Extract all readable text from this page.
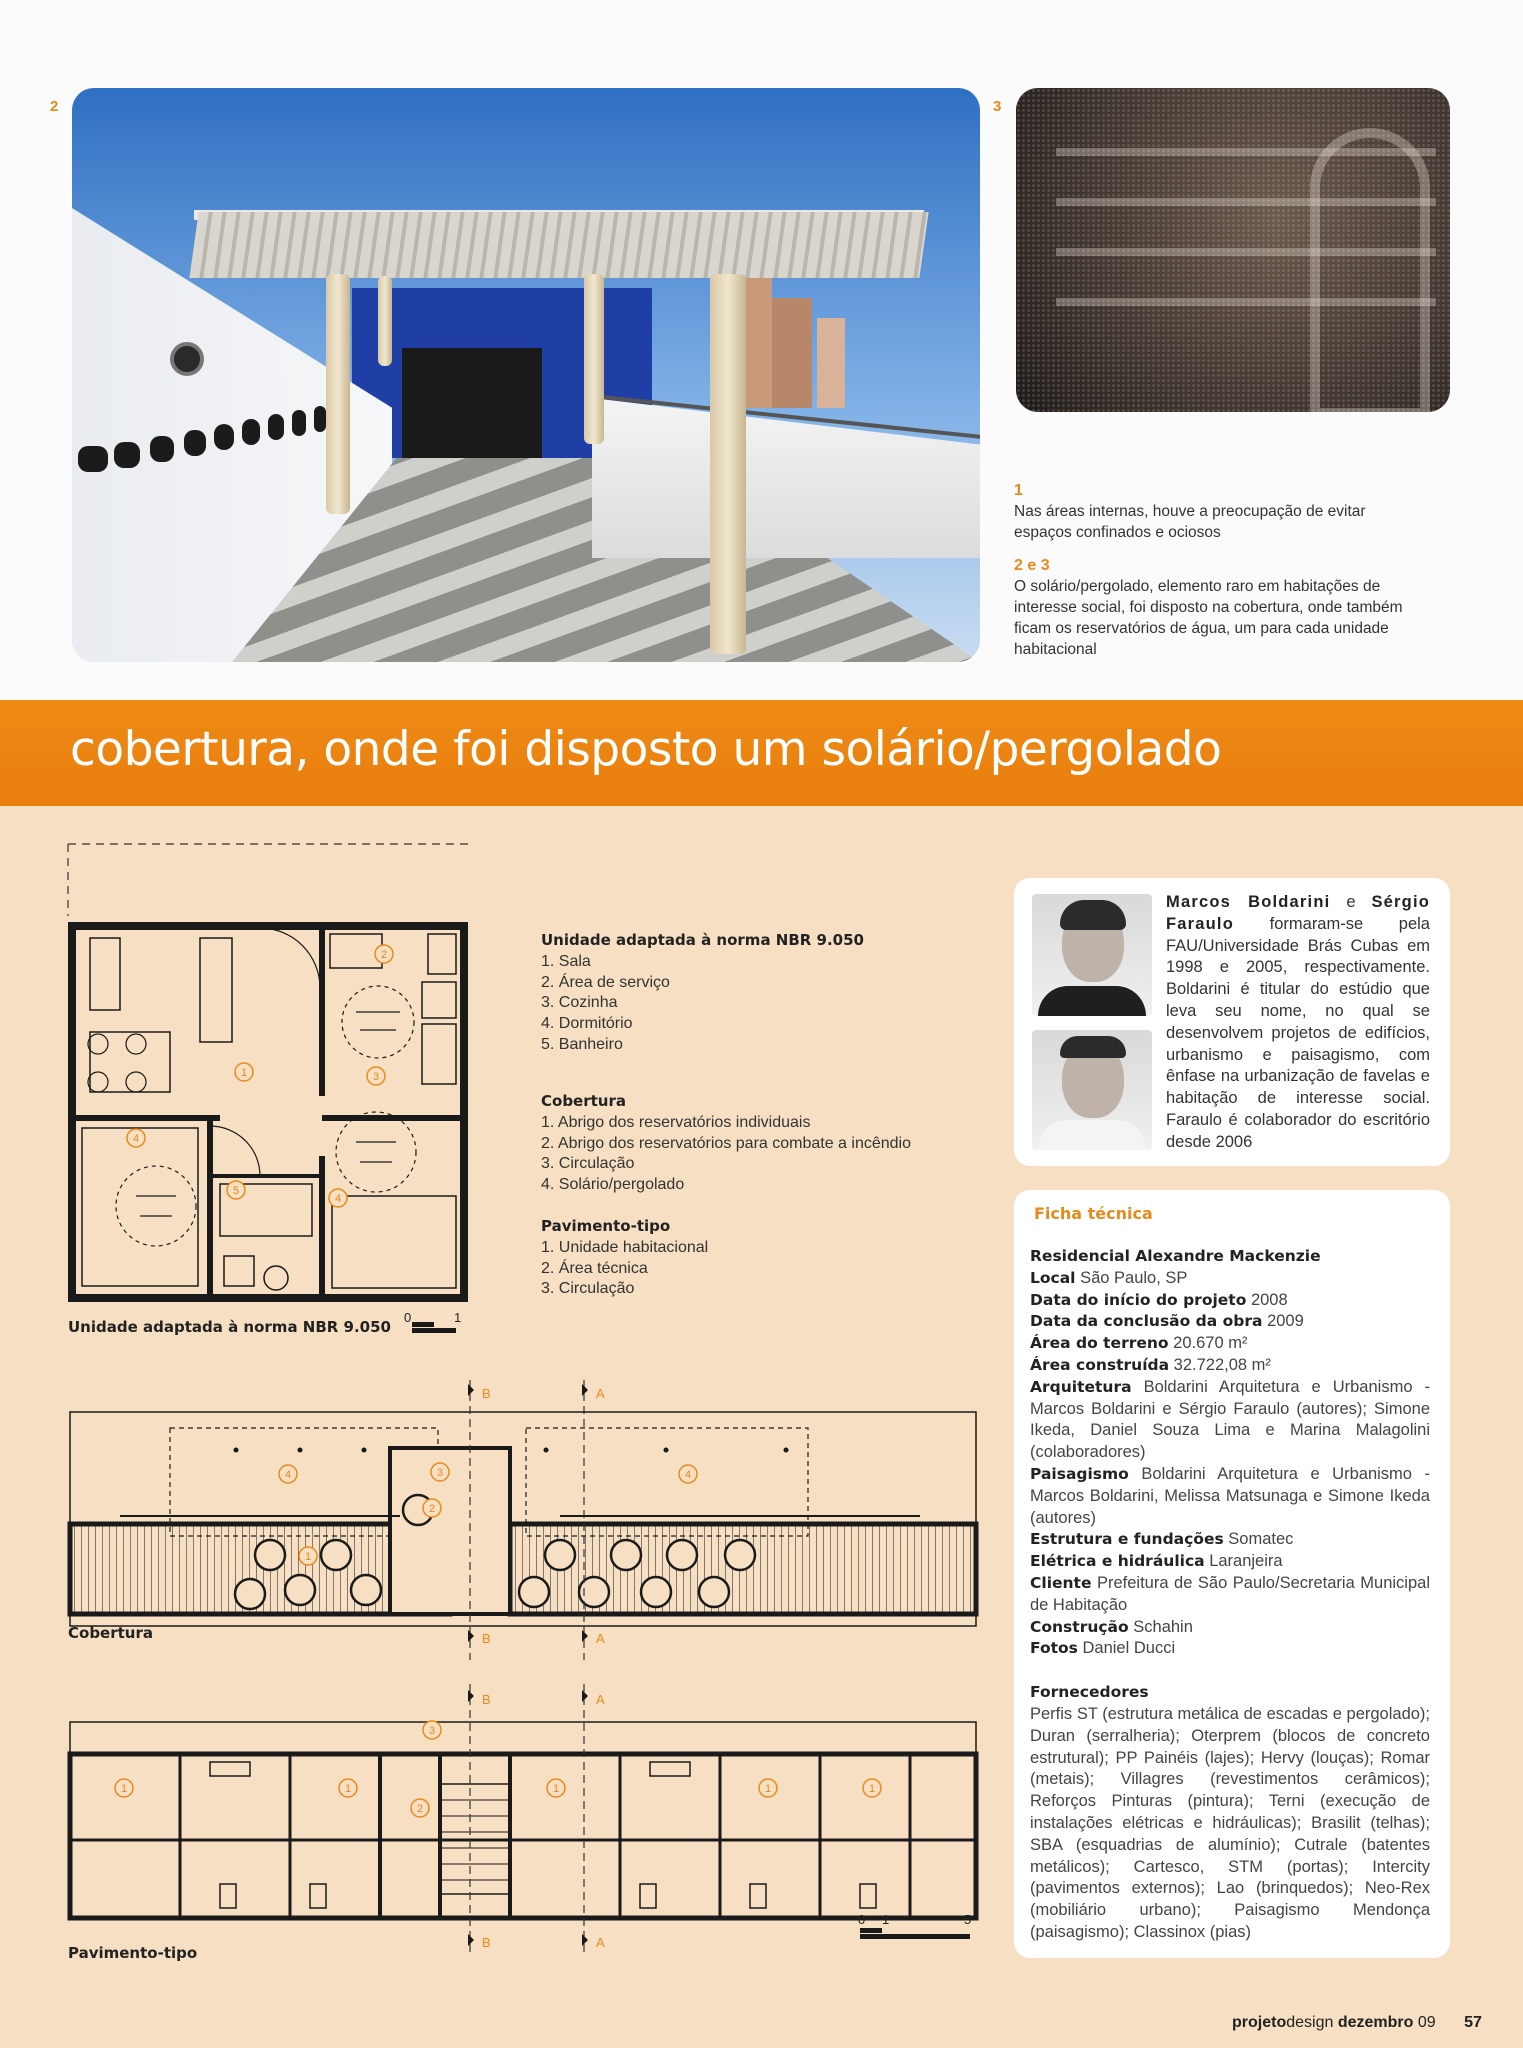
2	3
1
Nas áreas internas, houve a preocupação de evitar espaços confinados e ociosos
2 e 3
O solário/pergolado, elemento raro em habitações de interesse social, foi disposto na cobertura, onde também ficam os reservatórios de água, um para cada unidade habitacional
cobertura, onde foi disposto um solário/pergolado
1
2
3
4
5
4
0	1
Unidade adaptada à norma NBR 9.050
Unidade adaptada à norma NBR 9.050
1. Sala
2. Área de serviço
3. Cozinha
4. Dormitório
5. Banheiro
Cobertura
1. Abrigo dos reservatórios individuais
2. Abrigo dos reservatórios para combate a incêndio
3. Circulação
4. Solário/pergolado
Pavimento-tipo
1. Unidade habitacional
2. Área técnica
3. Circulação
4	4
3
2
1
B	A
B	A
Cobertura
1	1	1	1	1
2
3
B	A
B	A
0 1	5
Pavimento-tipo
Marcos Boldarini e Sérgio Faraulo formaram-se pela FAU/Universidade Brás Cubas em 1998 e 2005, respectivamente. Boldarini é titular do estúdio que leva seu nome, no qual se desenvolvem projetos de edifícios, urbanismo e paisagismo, com ênfase na urbanização de favelas e habitação de interesse social. Faraulo é colaborador do escritório desde 2006
Ficha técnica
Residencial Alexandre Mackenzie
Local São Paulo, SP
Data do início do projeto 2008
Data da conclusão da obra 2009
Área do terreno 20.670 m²
Área construída 32.722,08 m²
Arquitetura Boldarini Arquitetura e Urbanismo - Marcos Boldarini e Sérgio Faraulo (autores); Simone Ikeda, Daniel Souza Lima e Marina Malagolini (colaboradores)
Paisagismo Boldarini Arquitetura e Urbanismo - Marcos Boldarini, Melissa Matsunaga e Simone Ikeda (autores)
Estrutura e fundações Somatec
Elétrica e hidráulica Laranjeira
Cliente Prefeitura de São Paulo/Secretaria Municipal de Habitação
Construção Schahin
Fotos Daniel Ducci
Fornecedores
Perfis ST (estrutura metálica de escadas e pergolado); Duran (serralheria); Oterprem (blocos de concreto estrutural); PP Painéis (lajes); Hervy (louças); Romar (metais); Villagres (revestimentos cerâmicos); Reforços Pinturas (pintura); Terni (execução de instalações elétricas e hidráulicas); Brasilit (telhas); SBA (esquadrias de alumínio); Cutrale (batentes metálicos); Cartesco, STM (portas); Intercity (pavimentos externos); Lao (brinquedos); Neo-Rex (mobiliário urbano); Paisagismo Mendonça (paisagismo); Classinox (pias)
projetodesign dezembro 09 57
